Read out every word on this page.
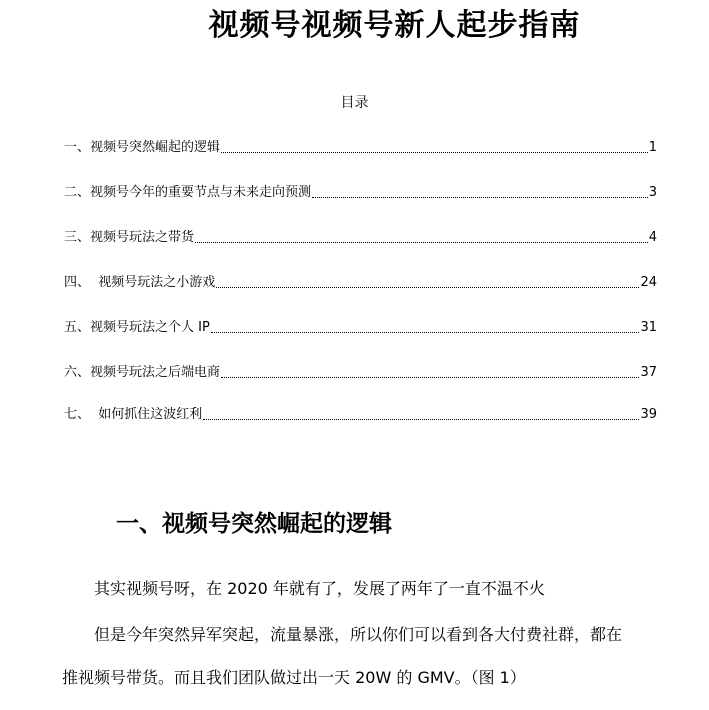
视频号视频号新人起步指南
目录
一、视频号突然崛起的逻辑	1
二、视频号今年的重要节点与未来走向预测	3
三、视频号玩法之带货	4
四、  视频号玩法之小游戏	24
五、视频号玩法之个人 IP	31
六、视频号玩法之后端电商	37
七、  如何抓住这波红利	39
一、视频号突然崛起的逻辑
其实视频号呀，在 2020 年就有了，发展了两年了一直不温不火
但是今年突然异军突起，流量暴涨，所以你们可以看到各大付费社群，都在
推视频号带货。而且我们团队做过出一天 20W 的 GMV。（图 1）
